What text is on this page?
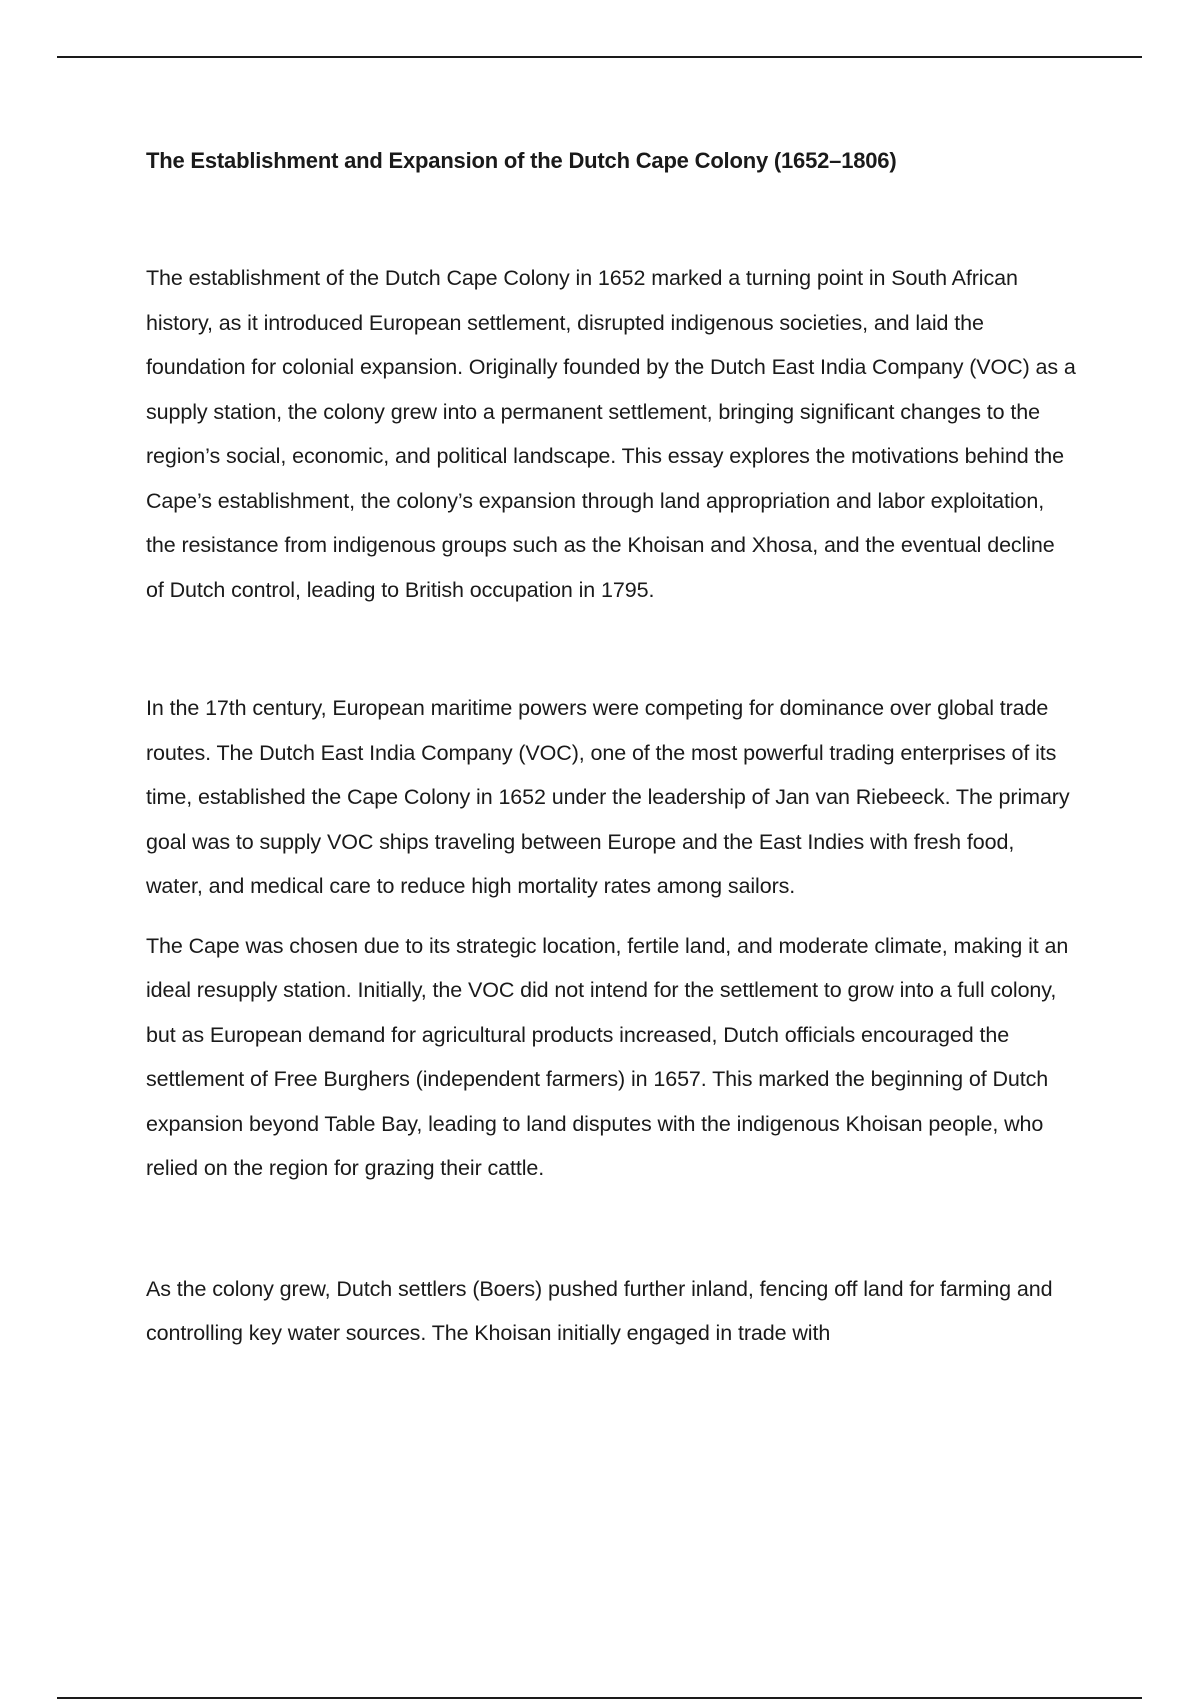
The Establishment and Expansion of the Dutch Cape Colony (1652–1806)

The establishment of the Dutch Cape Colony in 1652 marked a turning point in South African history, as it introduced European settlement, disrupted indigenous societies, and laid the foundation for colonial expansion. Originally founded by the Dutch East India Company (VOC) as a supply station, the colony grew into a permanent settlement, bringing significant changes to the region’s social, economic, and political landscape. This essay explores the motivations behind the Cape’s establishment, the colony’s expansion through land appropriation and labor exploitation, the resistance from indigenous groups such as the Khoisan and Xhosa, and the eventual decline of Dutch control, leading to British occupation in 1795.

In the 17th century, European maritime powers were competing for dominance over global trade routes. The Dutch East India Company (VOC), one of the most powerful trading enterprises of its time, established the Cape Colony in 1652 under the leadership of Jan van Riebeeck. The primary goal was to supply VOC ships traveling between Europe and the East Indies with fresh food, water, and medical care to reduce high mortality rates among sailors.

The Cape was chosen due to its strategic location, fertile land, and moderate climate, making it an ideal resupply station. Initially, the VOC did not intend for the settlement to grow into a full colony, but as European demand for agricultural products increased, Dutch officials encouraged the settlement of Free Burghers (independent farmers) in 1657. This marked the beginning of Dutch expansion beyond Table Bay, leading to land disputes with the indigenous Khoisan people, who relied on the region for grazing their cattle.

As the colony grew, Dutch settlers (Boers) pushed further inland, fencing off land for farming and controlling key water sources. The Khoisan initially engaged in trade with
